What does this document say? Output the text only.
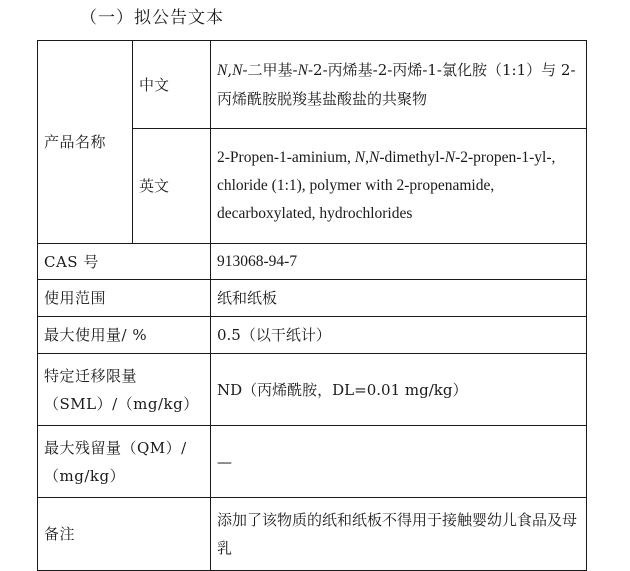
（一）拟公告文本
产品名称	中文	N,N-二甲基-N-2-丙烯基-2-丙烯-1-氯化胺（1:1）与 2-丙烯酰胺脱羧基盐酸盐的共聚物
	英文	2-Propen-1-aminium, N,N-dimethyl-N-2-propen-1-yl-, chloride (1:1), polymer with 2-propenamide, decarboxylated, hydrochlorides
CAS 号		913068-94-7
使用范围		纸和纸板
最大使用量/ %		0.5（以干纸计）
特定迁移限量（SML）/（mg/kg）		ND（丙烯酰胺，DL=0.01 mg/kg）
最大残留量（QM）/（mg/kg）		—
备注		添加了该物质的纸和纸板不得用于接触婴幼儿食品及母乳
